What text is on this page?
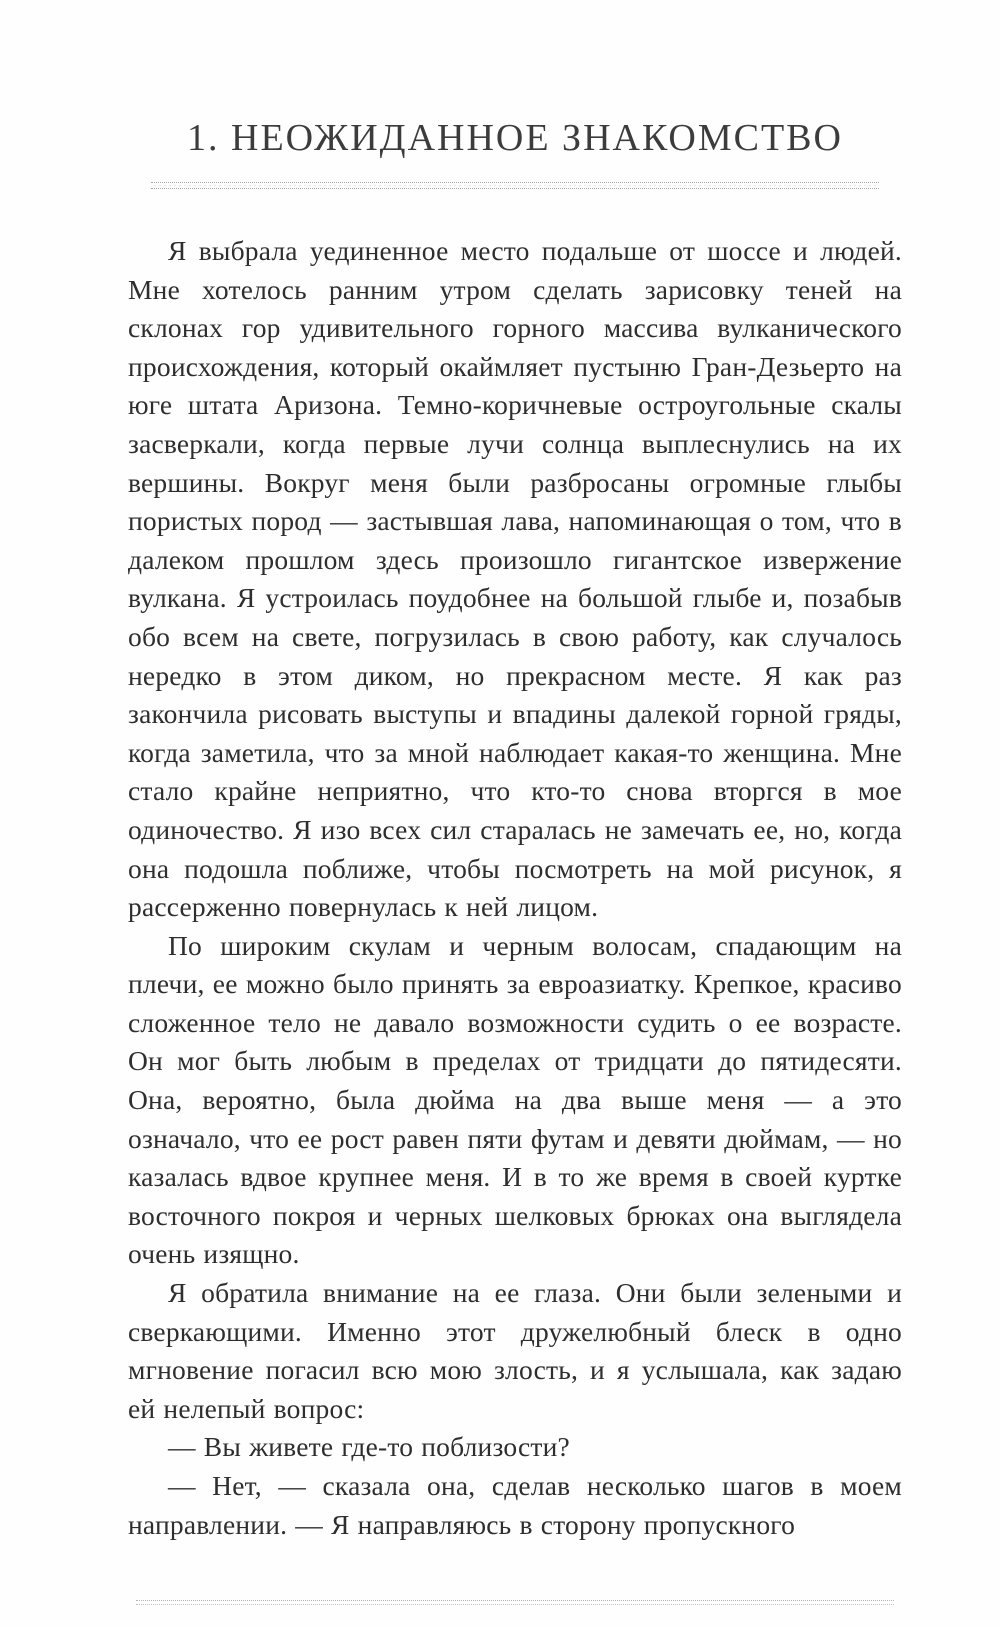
1. НЕОЖИДАННОЕ ЗНАКОМСТВО

Я выбрала уединенное место подальше от шоссе и людей. Мне хотелось ранним утром сделать зарисовку теней на склонах гор удивительного горного массива вулканического происхождения, который окаймляет пустыню Гран-Дезьерто на юге штата Аризона. Темно-коричневые остроугольные скалы засверкали, когда первые лучи солнца выплеснулись на их вершины. Вокруг меня были разбросаны огромные глыбы пористых пород — застывшая лава, напоминающая о том, что в далеком прошлом здесь произошло гигантское извержение вулкана. Я устроилась поудобнее на большой глыбе и, позабыв обо всем на свете, погрузилась в свою работу, как случалось нередко в этом диком, но прекрасном месте. Я как раз закончила рисовать выступы и впадины далекой горной гряды, когда заметила, что за мной наблюдает какая-то женщина. Мне стало крайне неприятно, что кто-то снова вторгся в мое одиночество. Я изо всех сил старалась не замечать ее, но, когда она подошла поближе, чтобы посмотреть на мой рисунок, я рассерженно повернулась к ней лицом.

По широким скулам и черным волосам, спадающим на плечи, ее можно было принять за евроазиатку. Крепкое, красиво сложенное тело не давало возможности судить о ее возрасте. Он мог быть любым в пределах от тридцати до пятидесяти. Она, вероятно, была дюйма на два выше меня — а это означало, что ее рост равен пяти футам и девяти дюймам, — но казалась вдвое крупнее меня. И в то же время в своей куртке восточного покроя и черных шелковых брюках она выглядела очень изящно.

Я обратила внимание на ее глаза. Они были зелеными и сверкающими. Именно этот дружелюбный блеск в одно мгновение погасил всю мою злость, и я услышала, как задаю ей нелепый вопрос:

— Вы живете где-то поблизости?

— Нет, — сказала она, сделав несколько шагов в моем направлении. — Я направляюсь в сторону пропускного
